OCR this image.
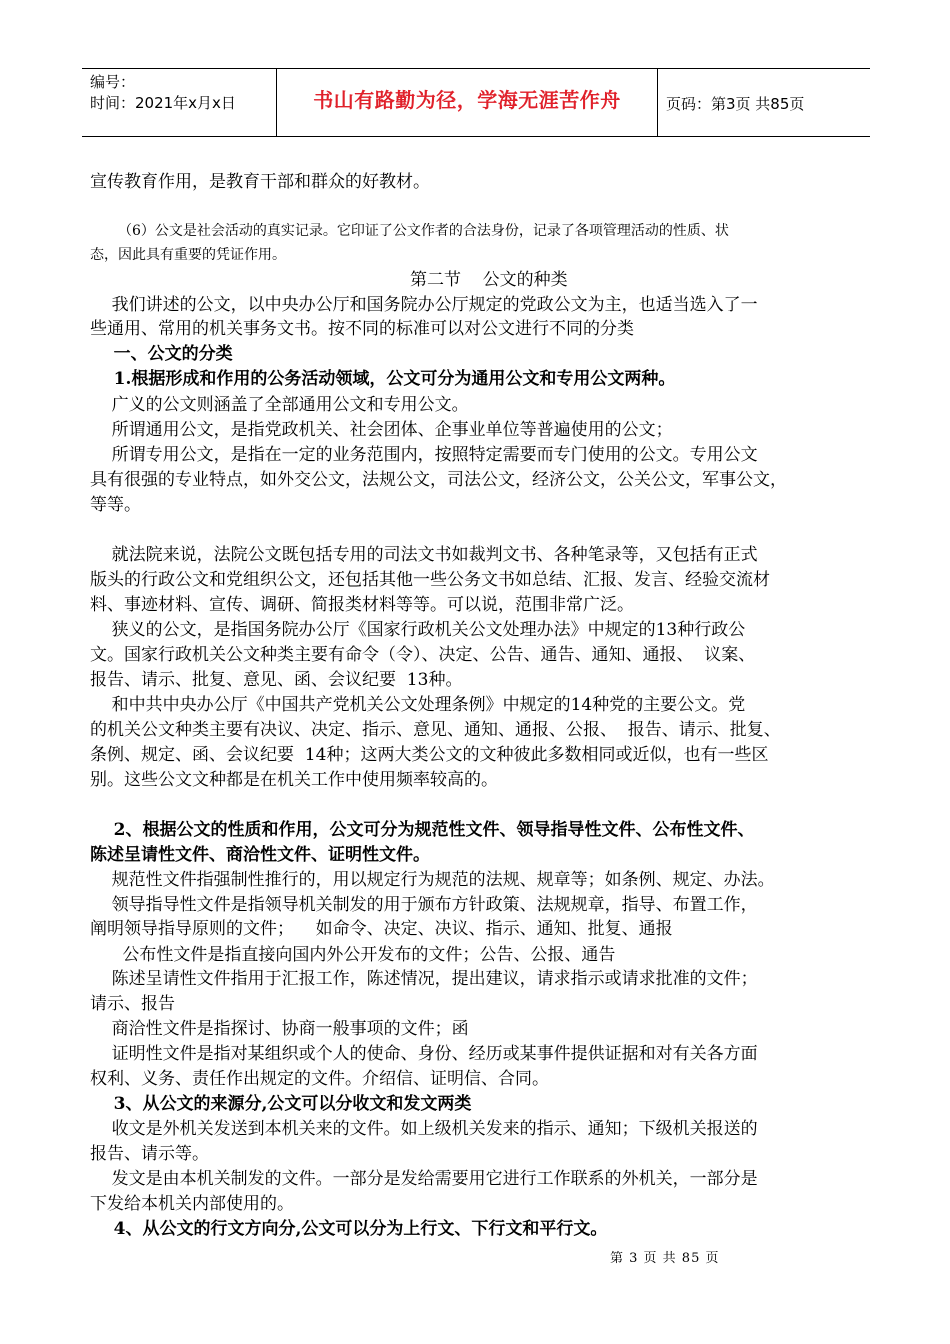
编号：
时间：2021年x月x日	书山有路勤为径，学海无涯苦作舟	页码：第3页 共85页
宣传教育作用，是教育干部和群众的好教材。
（6）公文是社会活动的真实记录。它印证了公文作者的合法身份，记录了各项管理活动的性质、状
态，因此具有重要的凭证作用。
第二节    公文的种类
我们讲述的公文，以中央办公厅和国务院办公厅规定的党政公文为主，也适当选入了一
些通用、常用的机关事务文书。按不同的标准可以对公文进行不同的分类
一、公文的分类
1.根据形成和作用的公务活动领域，公文可分为通用公文和专用公文两种。
广义的公文则涵盖了全部通用公文和专用公文。
所谓通用公文，是指党政机关、社会团体、企事业单位等普遍使用的公文；
所谓专用公文，是指在一定的业务范围内，按照特定需要而专门使用的公文。专用公文
具有很强的专业特点，如外交公文，法规公文，司法公文，经济公文，公关公文，军事公文，
等等。
就法院来说，法院公文既包括专用的司法文书如裁判文书、各种笔录等，又包括有正式
版头的行政公文和党组织公文，还包括其他一些公务文书如总结、汇报、发言、经验交流材
料、事迹材料、宣传、调研、简报类材料等等。可以说，范围非常广泛。
狭义的公文，是指国务院办公厅《国家行政机关公文处理办法》中规定的13种行政公
文。国家行政机关公文种类主要有命令（令）、决定、公告、通告、通知、通报、  议案、
报告、请示、批复、意见、函、会议纪要  13种。
和中共中央办公厅《中国共产党机关公文处理条例》中规定的14种党的主要公文。党
的机关公文种类主要有决议、决定、指示、意见、通知、通报、公报、  报告、请示、批复、
条例、规定、函、会议纪要  14种；这两大类公文的文种彼此多数相同或近似，也有一些区
别。这些公文文种都是在机关工作中使用频率较高的。
2、根据公文的性质和作用，公文可分为规范性文件、领导指导性文件、公布性文件、
陈述呈请性文件、商洽性文件、证明性文件。
规范性文件指强制性推行的，用以规定行为规范的法规、规章等；如条例、规定、办法。
领导指导性文件是指领导机关制发的用于颁布方针政策、法规规章，指导、布置工作，
阐明领导指导原则的文件；    如命令、决定、决议、指示、通知、批复、通报
公布性文件是指直接向国内外公开发布的文件；公告、公报、通告
陈述呈请性文件指用于汇报工作，陈述情况，提出建议，请求指示或请求批准的文件；
请示、报告
商洽性文件是指探讨、协商一般事项的文件；函
证明性文件是指对某组织或个人的使命、身份、经历或某事件提供证据和对有关各方面
权利、义务、责任作出规定的文件。介绍信、证明信、合同。
3、从公文的来源分,公文可以分收文和发文两类
收文是外机关发送到本机关来的文件。如上级机关发来的指示、通知；下级机关报送的
报告、请示等。
发文是由本机关制发的文件。一部分是发给需要用它进行工作联系的外机关，一部分是
下发给本机关内部使用的。
4、从公文的行文方向分,公文可以分为上行文、下行文和平行文。
第 3 页 共 85 页
